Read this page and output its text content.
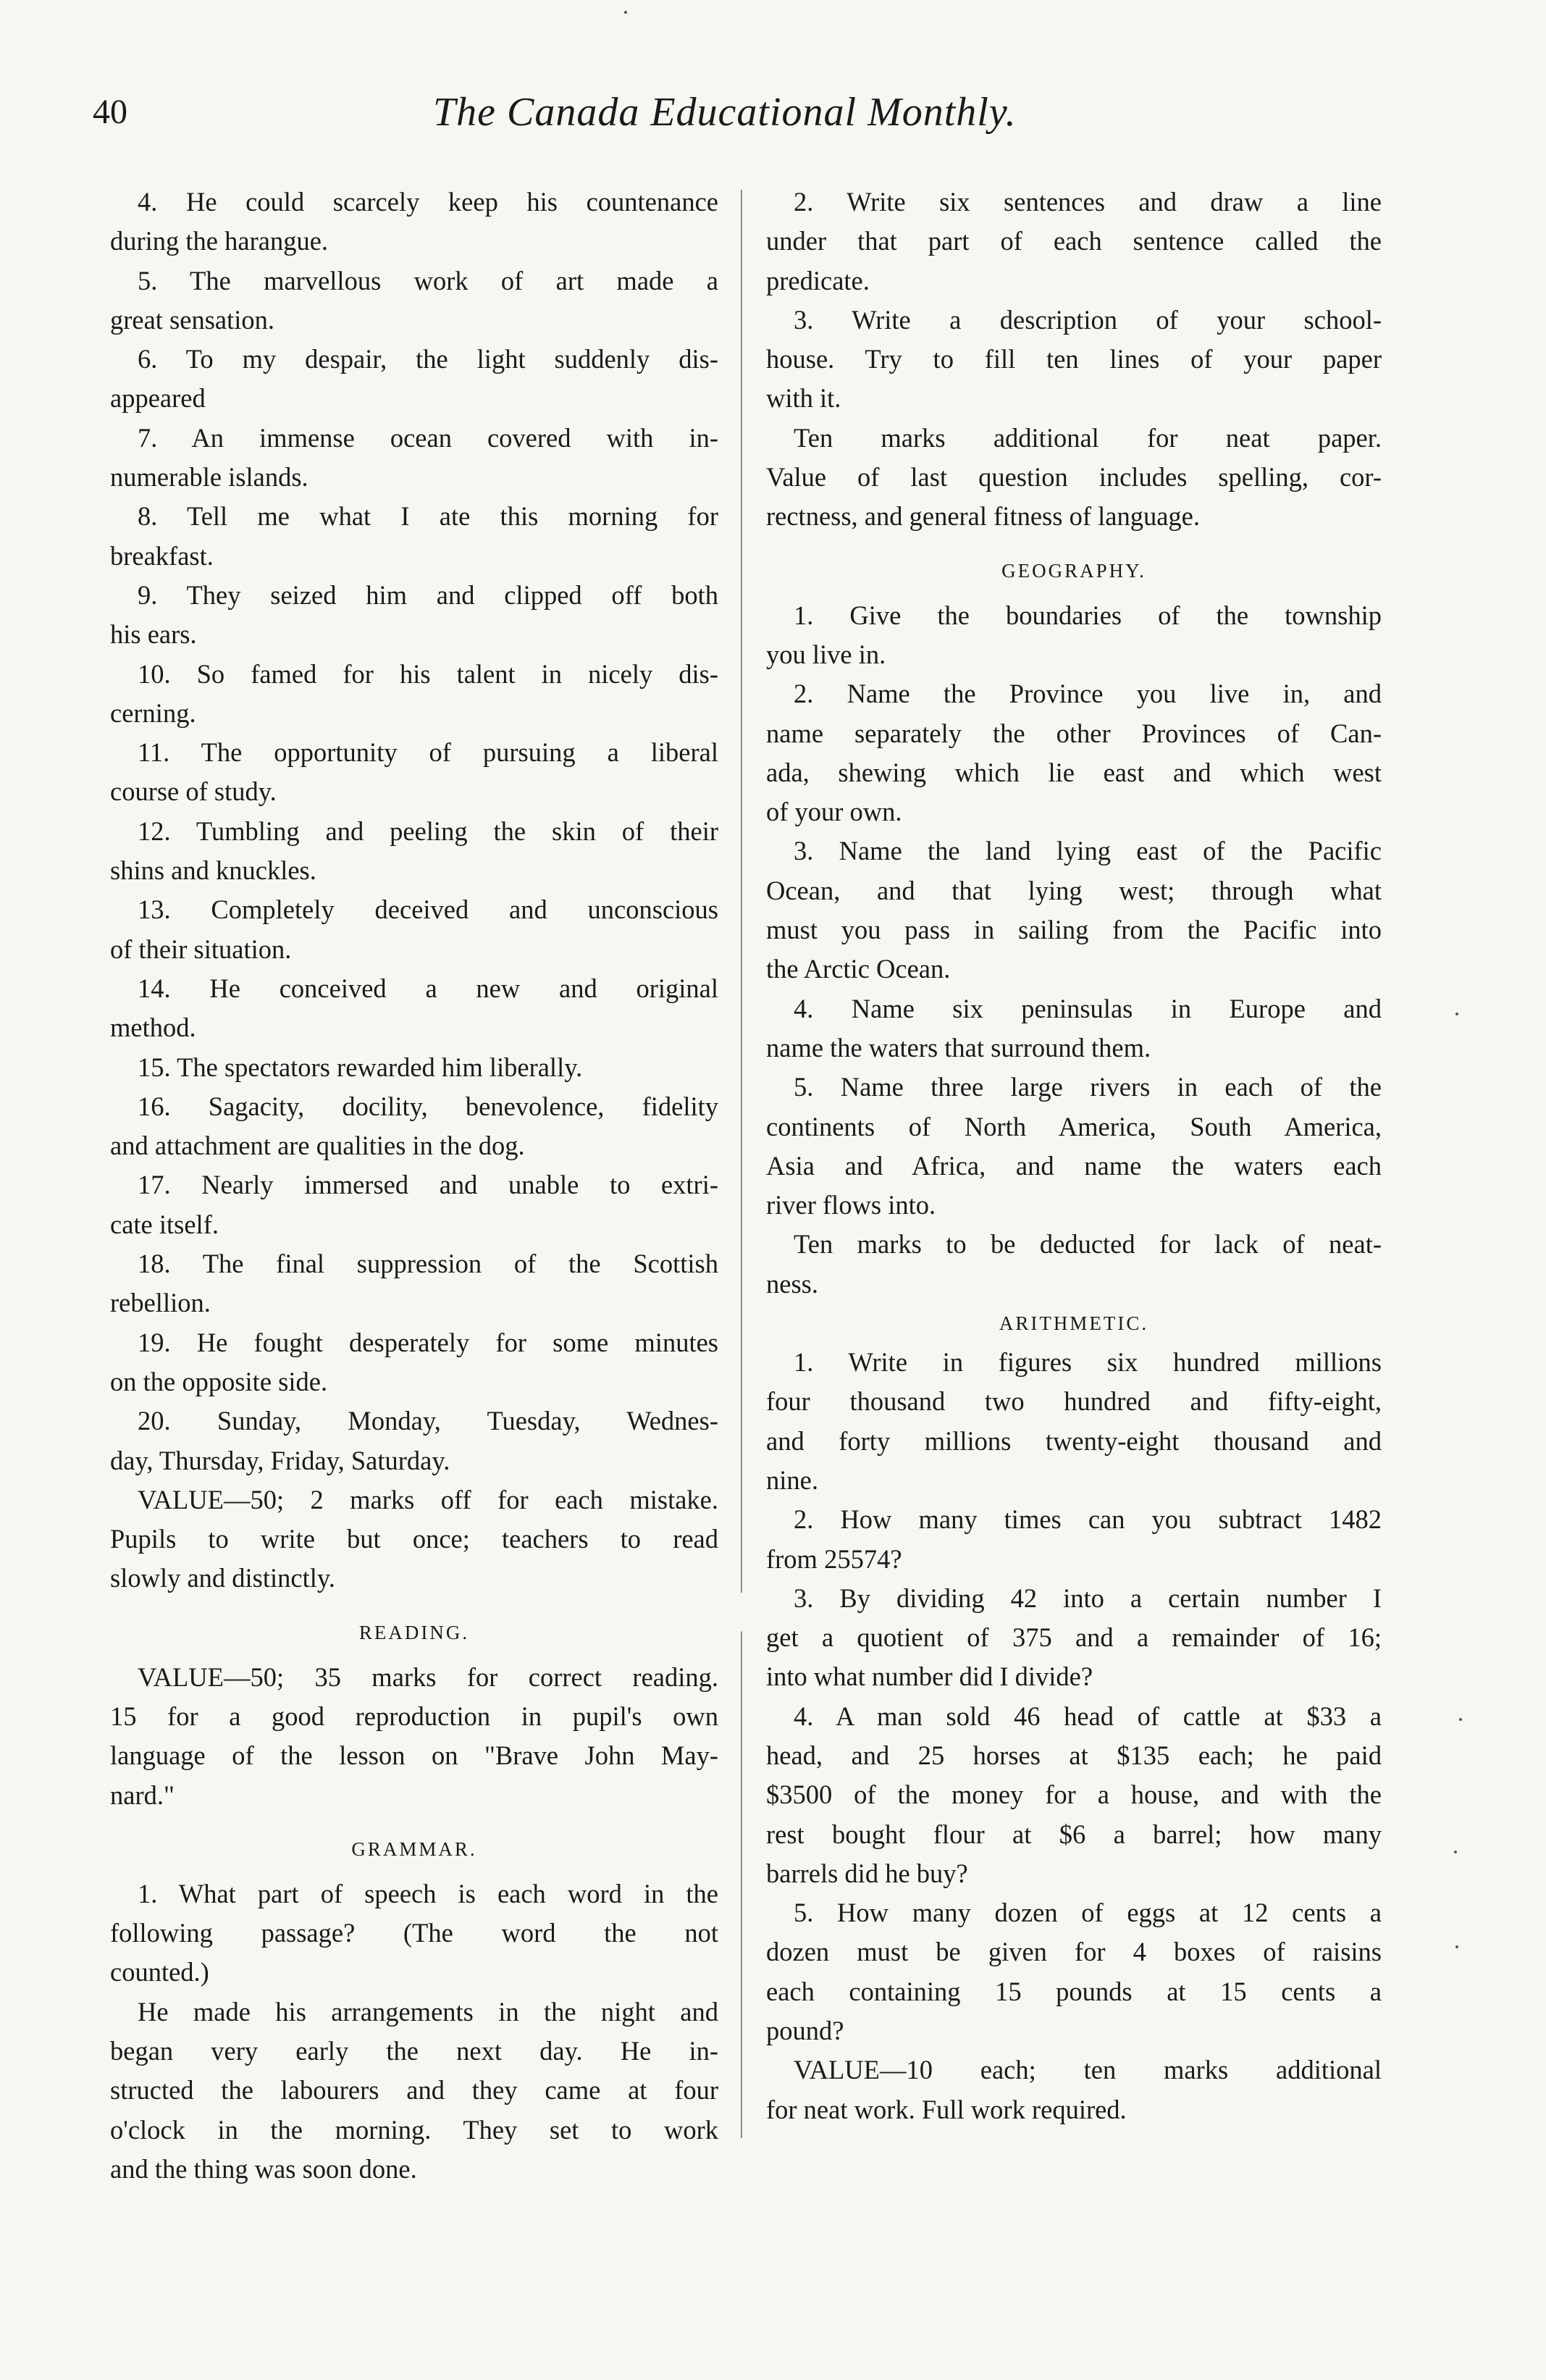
40	The Canada Educational Monthly.
4. He could scarcely keep his countenance
during the harangue.
5. The marvellous work of art made a
great sensation.
6. To my despair, the light suddenly dis-
appeared
7. An immense ocean covered with in-
numerable islands.
8. Tell me what I ate this morning for
breakfast.
9. They seized him and clipped off both
his ears.
10. So famed for his talent in nicely dis-
cerning.
11. The opportunity of pursuing a liberal
course of study.
12. Tumbling and peeling the skin of their
shins and knuckles.
13. Completely deceived and unconscious
of their situation.
14. He conceived a new and original
method.
15. The spectators rewarded him liberally.
16. Sagacity, docility, benevolence, fidelity
and attachment are qualities in the dog.
17. Nearly immersed and unable to extri-
cate itself.
18. The final suppression of the Scottish
rebellion.
19. He fought desperately for some minutes
on the opposite side.
20. Sunday, Monday, Tuesday, Wednes-
day, Thursday, Friday, Saturday.
VALUE—50; 2 marks off for each mistake.
Pupils to write but once; teachers to read
slowly and distinctly.
READING.
VALUE—50; 35 marks for correct reading.
15 for a good reproduction in pupil's own
language of the lesson on "Brave John May-
nard."
GRAMMAR.
1. What part of speech is each word in the
following passage? (The word the not
counted.)
He made his arrangements in the night and
began very early the next day. He in-
structed the labourers and they came at four
o'clock in the morning. They set to work
and the thing was soon done.
2. Write six sentences and draw a line
under that part of each sentence called the
predicate.
3. Write a description of your school-
house. Try to fill ten lines of your paper
with it.
Ten marks additional for neat paper.
Value of last question includes spelling, cor-
rectness, and general fitness of language.
GEOGRAPHY.
1. Give the boundaries of the township
you live in.
2. Name the Province you live in, and
name separately the other Provinces of Can-
ada, shewing which lie east and which west
of your own.
3. Name the land lying east of the Pacific
Ocean, and that lying west; through what
must you pass in sailing from the Pacific into
the Arctic Ocean.
4. Name six peninsulas in Europe and
name the waters that surround them.
5. Name three large rivers in each of the
continents of North America, South America,
Asia and Africa, and name the waters each
river flows into.
Ten marks to be deducted for lack of neat-
ness.
ARITHMETIC.
1. Write in figures six hundred millions
four thousand two hundred and fifty-eight,
and forty millions twenty-eight thousand and
nine.
2. How many times can you subtract 1482
from 25574?
3. By dividing 42 into a certain number I
get a quotient of 375 and a remainder of 16;
into what number did I divide?
4. A man sold 46 head of cattle at $33 a
head, and 25 horses at $135 each; he paid
$3500 of the money for a house, and with the
rest bought flour at $6 a barrel; how many
barrels did he buy?
5. How many dozen of eggs at 12 cents a
dozen must be given for 4 boxes of raisins
each containing 15 pounds at 15 cents a
pound?
VALUE—10 each; ten marks additional
for neat work. Full work required.
